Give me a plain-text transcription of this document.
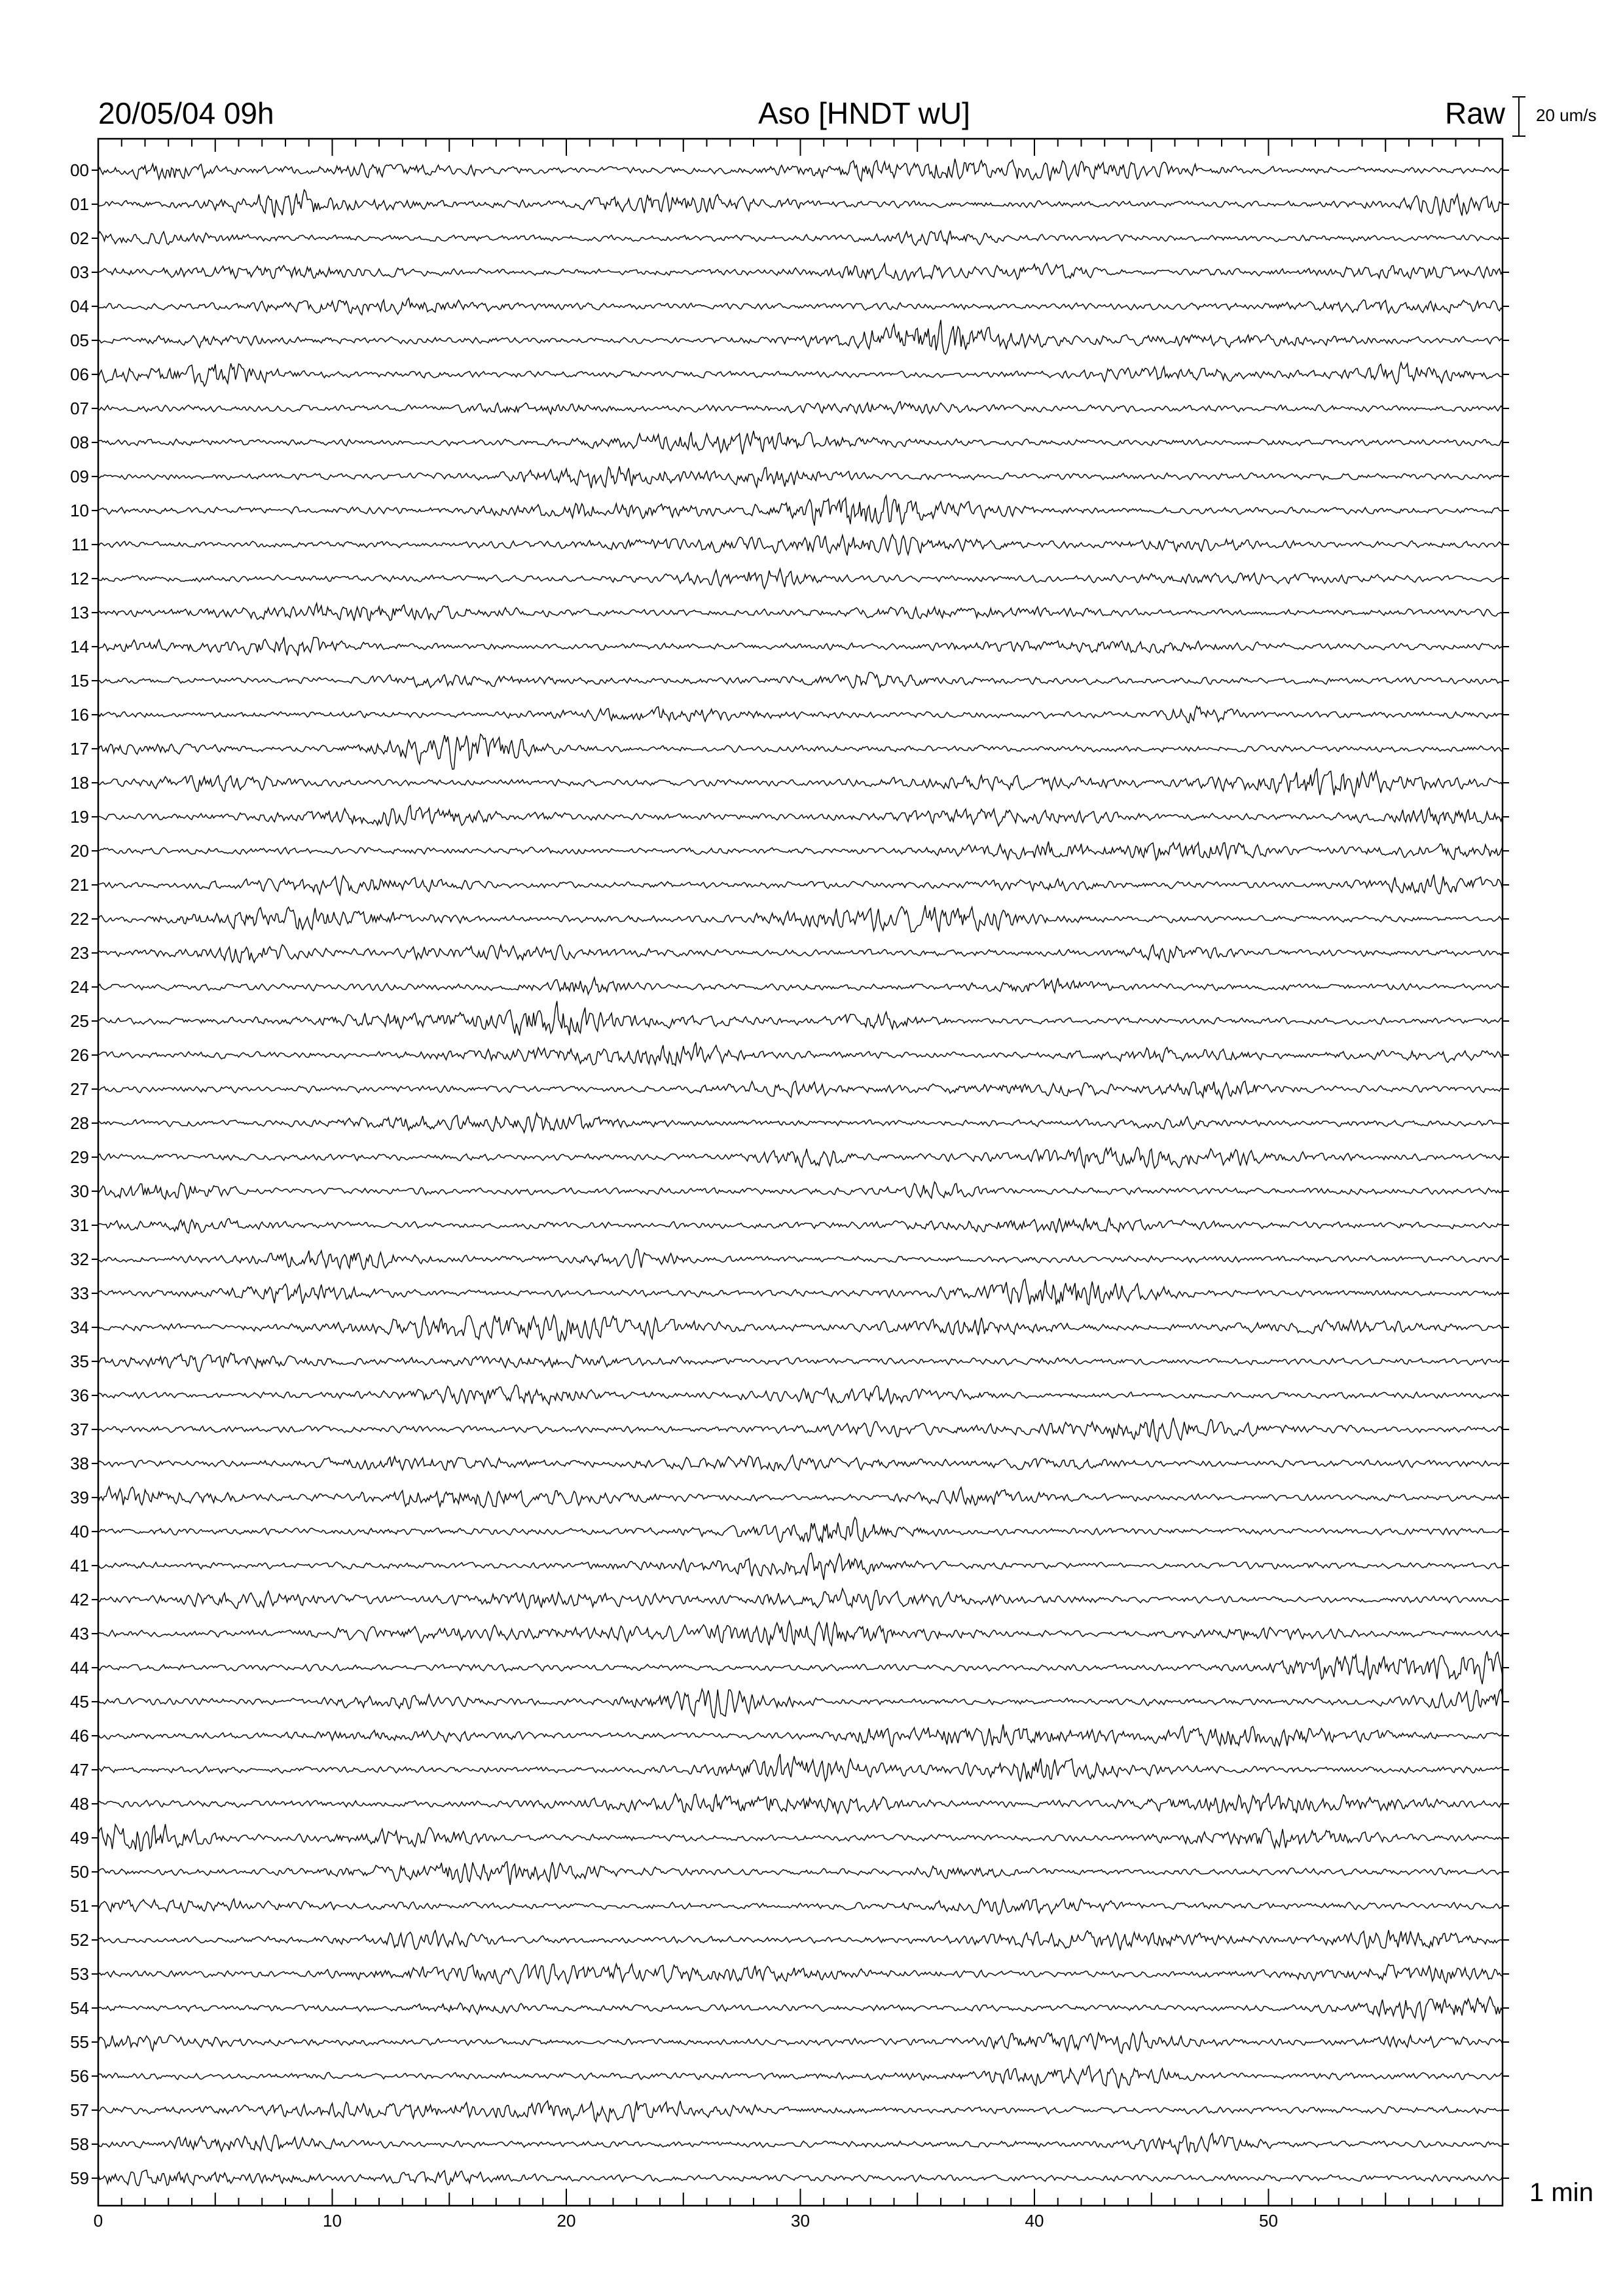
00
01
02
03
04
05
06
07
08
09
10
11
12
13
14
15
16
17
18
19
20
21
22
23
24
25
26
27
28
29
30
31
32
33
34
35
36
37
38
39
40
41
42
43
44
45
46
47
48
49
50
51
52
53
54
55
56
57
58
59
0	10	20	30	40	50
20/05/04 09h	Aso [HNDT wU]	Raw 20 um/s
1 min
